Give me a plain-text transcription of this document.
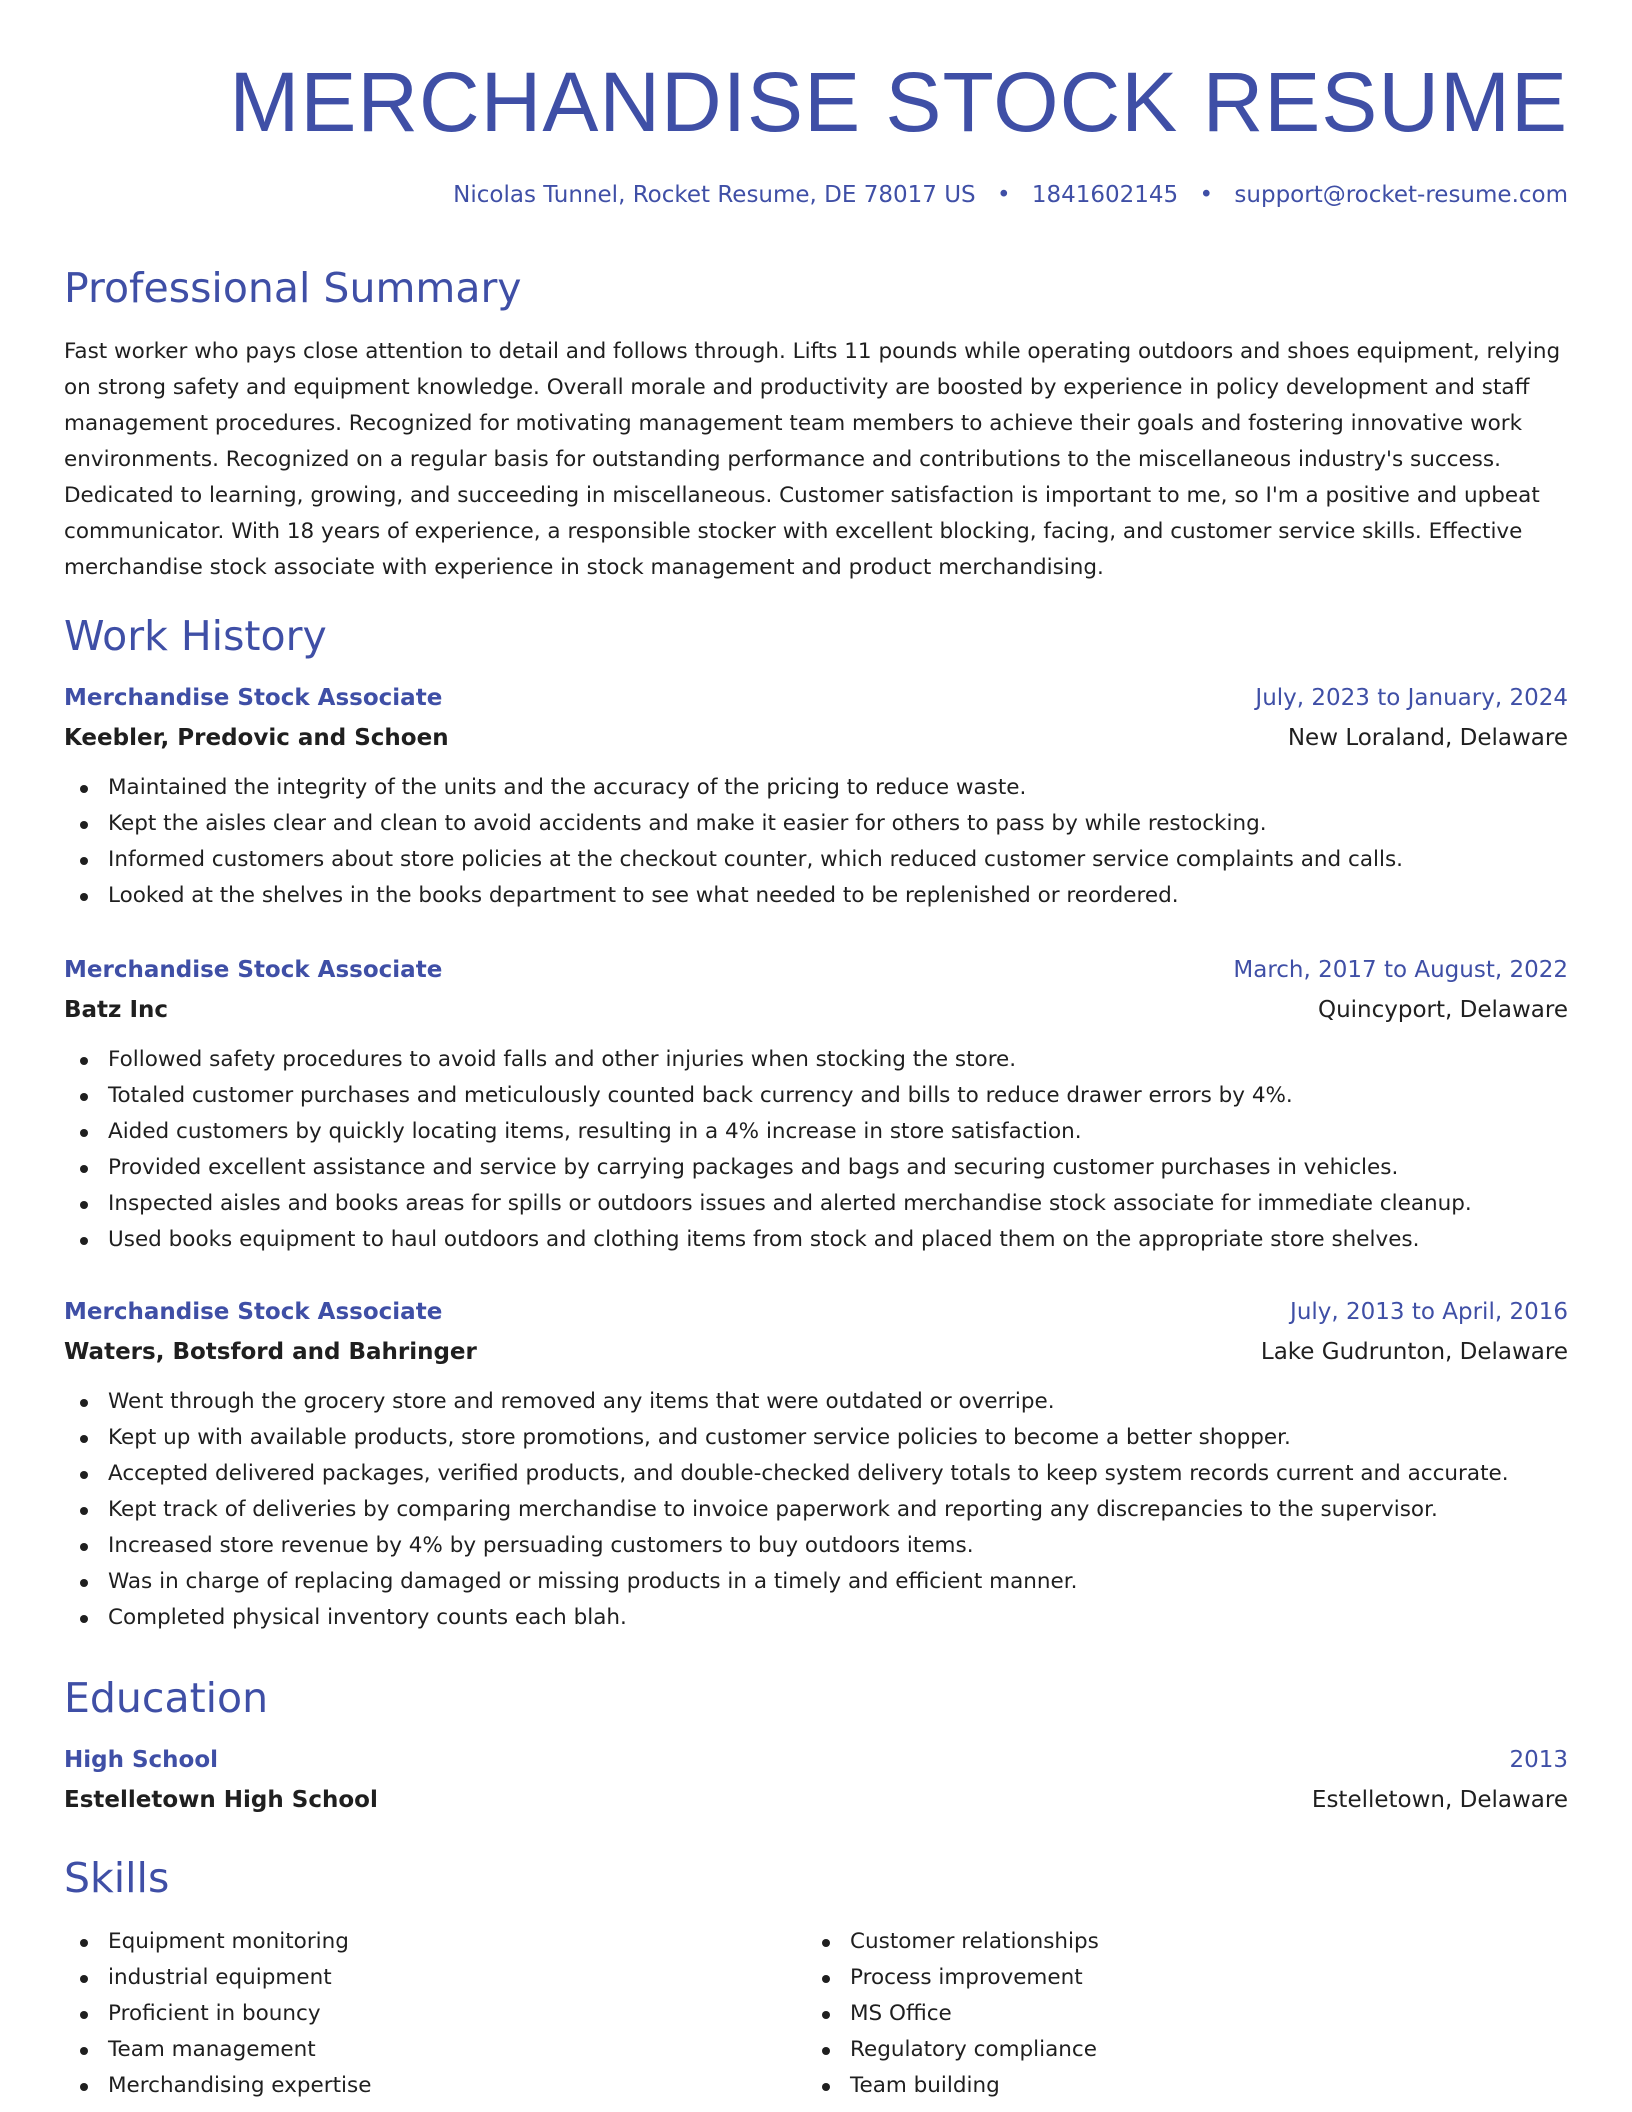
MERCHANDISE STOCK RESUME
Nicolas Tunnel, Rocket Resume, DE 78017 US • 1841602145 • support@rocket-resume.com
Professional Summary

Fast worker who pays close attention to detail and follows through. Lifts 11 pounds while operating outdoors and shoes equipment, relying on strong safety and equipment knowledge. Overall morale and productivity are boosted by experience in policy development and staff management procedures. Recognized for motivating management team members to achieve their goals and fostering innovative work environments. Recognized on a regular basis for outstanding performance and contributions to the miscellaneous industry's success. Dedicated to learning, growing, and succeeding in miscellaneous. Customer satisfaction is important to me, so I'm a positive and upbeat communicator. With 18 years of experience, a responsible stocker with excellent blocking, facing, and customer service skills. Effective merchandise stock associate with experience in stock management and product merchandising.

Work History
Merchandise Stock Associate	July, 2023 to January, 2024
Keebler, Predovic and Schoen	New Loraland, Delaware
Maintained the integrity of the units and the accuracy of the pricing to reduce waste.
Kept the aisles clear and clean to avoid accidents and make it easier for others to pass by while restocking.
Informed customers about store policies at the checkout counter, which reduced customer service complaints and calls.
Looked at the shelves in the books department to see what needed to be replenished or reordered.
Merchandise Stock Associate	March, 2017 to August, 2022
Batz Inc	Quincyport, Delaware
Followed safety procedures to avoid falls and other injuries when stocking the store.
Totaled customer purchases and meticulously counted back currency and bills to reduce drawer errors by 4%.
Aided customers by quickly locating items, resulting in a 4% increase in store satisfaction.
Provided excellent assistance and service by carrying packages and bags and securing customer purchases in vehicles.
Inspected aisles and books areas for spills or outdoors issues and alerted merchandise stock associate for immediate cleanup.
Used books equipment to haul outdoors and clothing items from stock and placed them on the appropriate store shelves.
Merchandise Stock Associate	July, 2013 to April, 2016
Waters, Botsford and Bahringer	Lake Gudrunton, Delaware
Went through the grocery store and removed any items that were outdated or overripe.
Kept up with available products, store promotions, and customer service policies to become a better shopper.
Accepted delivered packages, verified products, and double-checked delivery totals to keep system records current and accurate.
Kept track of deliveries by comparing merchandise to invoice paperwork and reporting any discrepancies to the supervisor.
Increased store revenue by 4% by persuading customers to buy outdoors items.
Was in charge of replacing damaged or missing products in a timely and efficient manner.
Completed physical inventory counts each blah.
Education
High School	2013
Estelletown High School	Estelletown, Delaware
Skills
Equipment monitoring
industrial equipment
Proficient in bouncy
Team management
Merchandising expertise
Customer relationships
Process improvement
MS Office
Regulatory compliance
Team building
